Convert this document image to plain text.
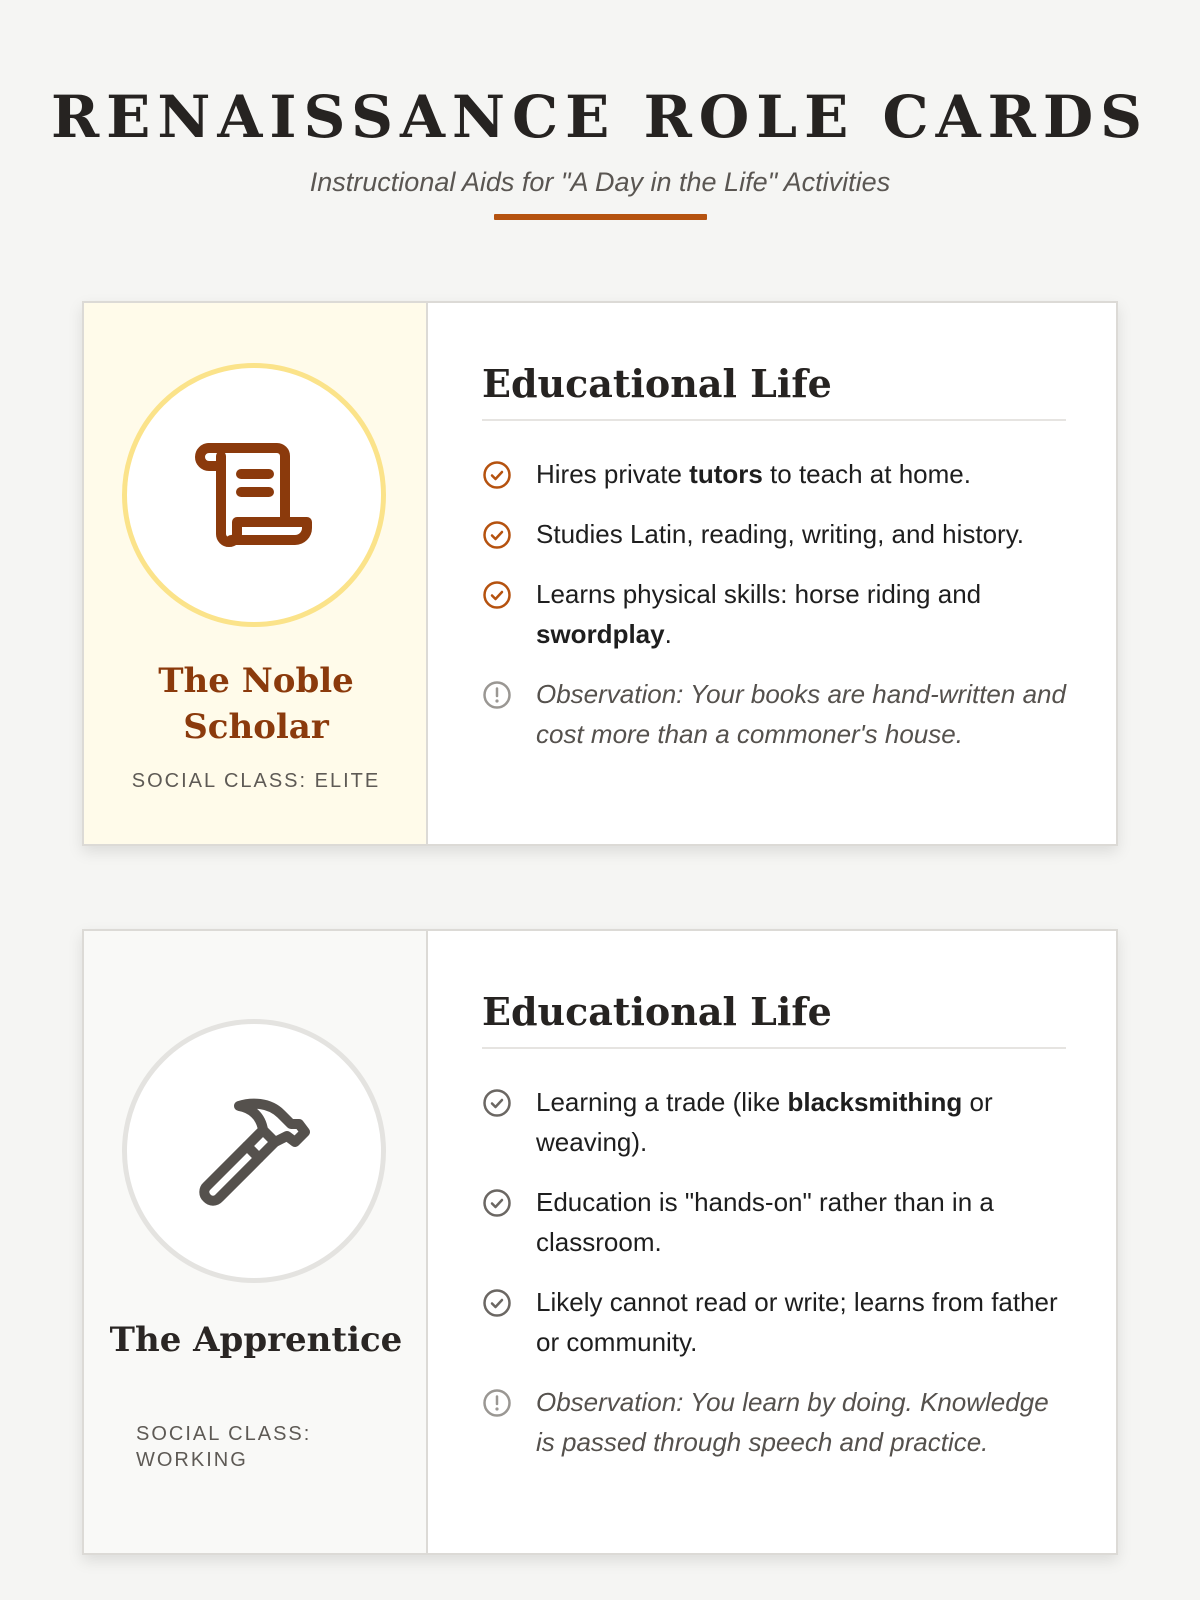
RENAISSANCE ROLE CARDS
Instructional Aids for "A Day in the Life" Activities
The Noble Scholar
SOCIAL CLASS: ELITE
Educational Life
Hires private tutors to teach at home.
Studies Latin, reading, writing, and history.
Learns physical skills: horse riding and swordplay.
Observation: Your books are hand-written and cost more than a commoner's house.
The Apprentice
SOCIAL CLASS: WORKING
Educational Life
Learning a trade (like blacksmithing or weaving).
Education is "hands-on" rather than in a classroom.
Likely cannot read or write; learns from father or community.
Observation: You learn by doing. Knowledge is passed through speech and practice.
